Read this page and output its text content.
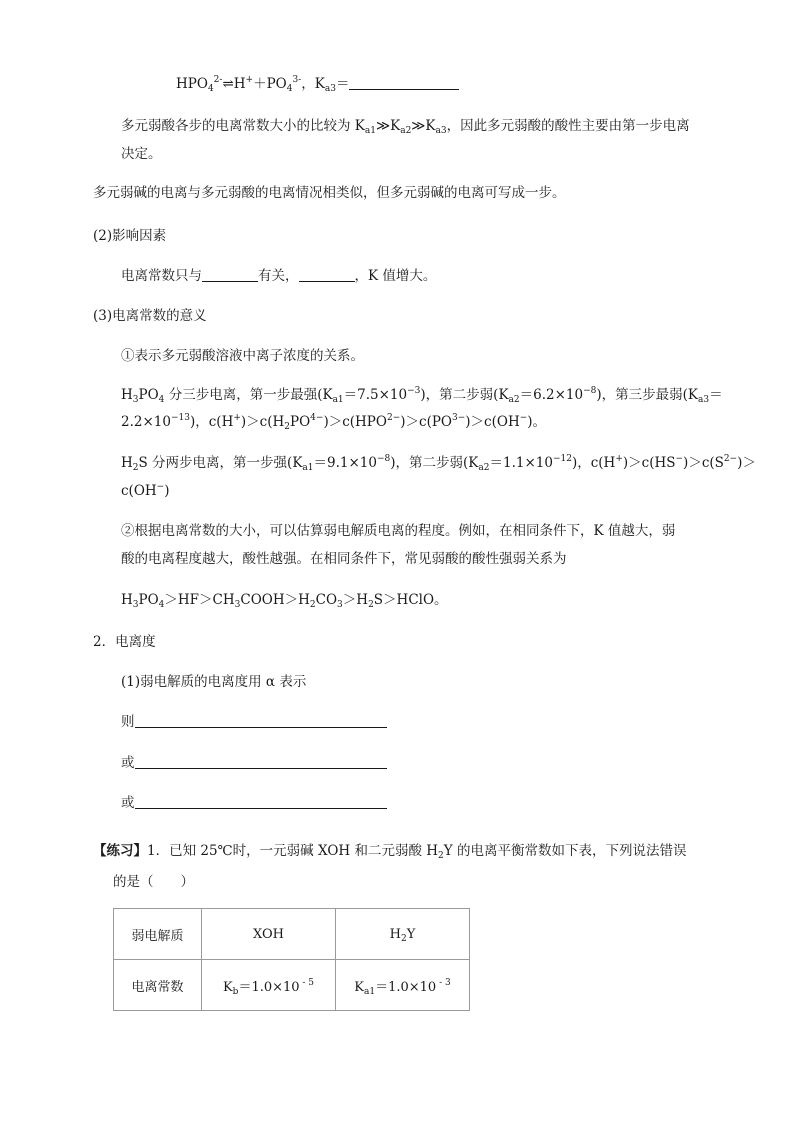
$HPO_4^{2-}\rightleftharpoons H^++PO_4^{3-}$，$K_{a3}=$
多元弱酸各步的电离常数大小的比较为 $K_{a1}≫K_{a2}≫K_{a3}$，因此多元弱酸的酸性主要由第一步电离
决定。
多元弱碱的电离与多元弱酸的电离情况相类似，但多元弱碱的电离可写成一步。
(2)影响因素
电离常数只与	有关，	，K 值增大。
(3)电离常数的意义
①表示多元弱酸溶液中离子浓度的关系。
$H_3PO_4$ 分三步电离，第一步最强$(K_{a1}=7.5\times 10^{-3})$，第二步弱$(K_{a2}=6.2\times 10^{-8})$，第三步最弱($K_{a3}=$
$2.2\times 10^{-13}$)，$c(H^+)>c(H_2PO^{4-})>c(HPO^{2-})>c(PO^{3-})>c(OH^-)$。
$H_2S$ 分两步电离，第一步强$(K_{a1}=9.1\times 10^{-8})$，第二步弱$(K_{a2}=1.1\times 10^{-12})$，$c(H^+)>c(HS^-)>c(S^{2-})>$
c(OH−)
②根据电离常数的大小，可以估算弱电解质电离的程度。例如，在相同条件下，K 值越大，弱
酸的电离程度越大，酸性越强。在相同条件下，常见弱酸的酸性强弱关系为
$H_3PO_4>HF>CH_3COOH>H_2CO_3>H_2S>HClO$。
2．电离度
(1)弱电解质的电离度用 α 表示
则
或
或
【练习】1．已知 25℃时，一元弱碱 XOH 和二元弱酸 $H_2Y$ 的电离平衡常数如下表，下列说法错误
的是（　　）
弱电解质	XOH	$H_2Y$
电离常数	$K_b=1.0\times 10$ $^{- 5}$	$K_{a1}=1.0\times 10$ $^{- 3}$
